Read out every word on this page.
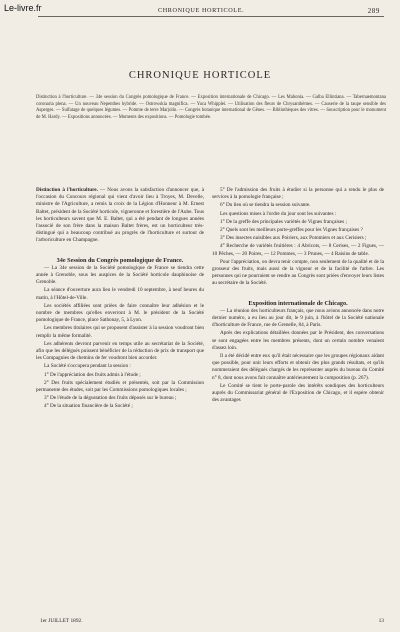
Le-livre.fr	CHRONIQUE HORTICOLE.	289

CHRONIQUE HORTICOLE
Distinction à l'horticulture. — 34e session du Congrès pomologique de France. — Exposition internationale de Chicago. — Les Mahonia. — Galba Ellintiana. — Tabernaemontana coronaria plena. — Un nouveau Nepenthes hybride. — Ostrowskia magnifica. — Yuca Whipplei. — Utilisation des fleurs de Chrysanthèmes. — Causerie de la taupe sensible des Asperges. — Sulfatage de quelques légumes. — Pomme de terre Marjolin. — Congrès botanique international de Gênes. — Bibliothèques des vitres. — Souscription pour le monument de M. Hardy. — Expositions annoncées. — Moments des expositions. — Pomologie tombée.

Distinction à l'horticulture. — Nous avons la satisfaction d'annoncer que, à l'occasion du Concours régional qui vient d'avoir lieu à Troyes, M. Develle, ministre de l'Agriculture, a remis la croix de la Légion d'Honneur à M. Ernest Baltet, président de la Société horticole, vigneronne et forestière de l'Aube. Tous les horticulteurs savent que M. E. Baltet, qui a été pendant de longues années l'associé de son frère dans la maison Baltet frères, est un horticulteur très-distingué qui a beaucoup contribué au progrès de l'horticulture et surtout de l'arboriculture en Champagne.

34e Session du Congrès pomologique de France.

— La 34e session de la Société pomologique de France se tiendra cette année à Grenoble, sous les auspices de la Société horticole dauphinoise de Grenoble.

La séance d'ouverture aura lieu le vendredi 10 septembre, à neuf heures du matin, à l'Hôtel-de-Ville.

Les sociétés affiliées sont priées de faire connaître leur adhésion et le nombre de membres qu'elles enverront à M. le président de la Société pomologique de France, place Sathonay, 5, à Lyon.

Les membres titulaires qui se proposent d'assister à la session voudront bien remplir la même formalité.

Les adhérents devront parvenir en temps utile au secrétariat de la Société, afin que les délégués puissent bénéficier de la réduction de prix de transport que les Compagnies de chemins de fer voudront bien accorder.

La Société s'occupera pendant la session :

1° De l'appréciation des fruits admis à l'étude ;

2° Des fruits spécialement étudiés et présentés, soit par la Commission permanente des études, soit par les Commissions pomologiques locales ;

3° De l'étude de la dégustation des fruits déposés sur le bureau ;

4° De la situation financière de la Société ;

5° De l'admission des fruits à étudier si la personne qui a rendu le plus de services à la pomologie française ;

6° Du lieu où se tiendra la session suivante.

Les questions mises à l'ordre du jour sont les suivantes :

1° De la greffe des principales variétés de Vignes françaises ;

2° Quels sont les meilleurs porte-greffes pour les Vignes françaises ?

3° Des insectes nuisibles aux Poiriers, aux Pommiers et aux Cerisiers ;

4° Recherche de variétés fruitières : 4 Abricots, — 8 Cerises, — 2 Figues, — 10 Pêches, — 20 Poires, — 12 Pommes, — 3 Prunes, — 4 Raisins de table.

Pour l'appréciation, on devra tenir compte, non seulement de la qualité et de la grosseur des fruits, mais aussi de la vigueur et de la facilité de l'arbre. Les personnes qui ne pourraient se rendre au Congrès sont priées d'envoyer leurs listes au secrétaire de la Société.

Exposition internationale de Chicago.

— La réunion des horticulteurs français, que nous avions annoncée dans notre dernier numéro, a eu lieu au jour dit, le 9 juin, à l'hôtel de la Société nationale d'horticulture de France, rue de Grenelle, 84, à Paris.

Après des explications détaillées données par le Président, des conversations se sont engagées entre les membres présents, dont un certain nombre venaient d'assez loin.

Il a été décidé entre eux qu'il était nécessaire que les groupes régionaux aidant que possible, pour unir leurs efforts et obtenir des plus grands résultats, et qu'ils nommeraient des délégués chargés de les représenter auprès du bureau du Comité n° 8, dont nous avons fait connaître antérieurement la composition (p. 267).

Le Comité se tient le porte-parole des intérêts sondiques des horticulteurs auprès du Commissariat général de l'Exposition de Chicago, et il espère obtenir des avantages

1er JUILLET 1892.	13
